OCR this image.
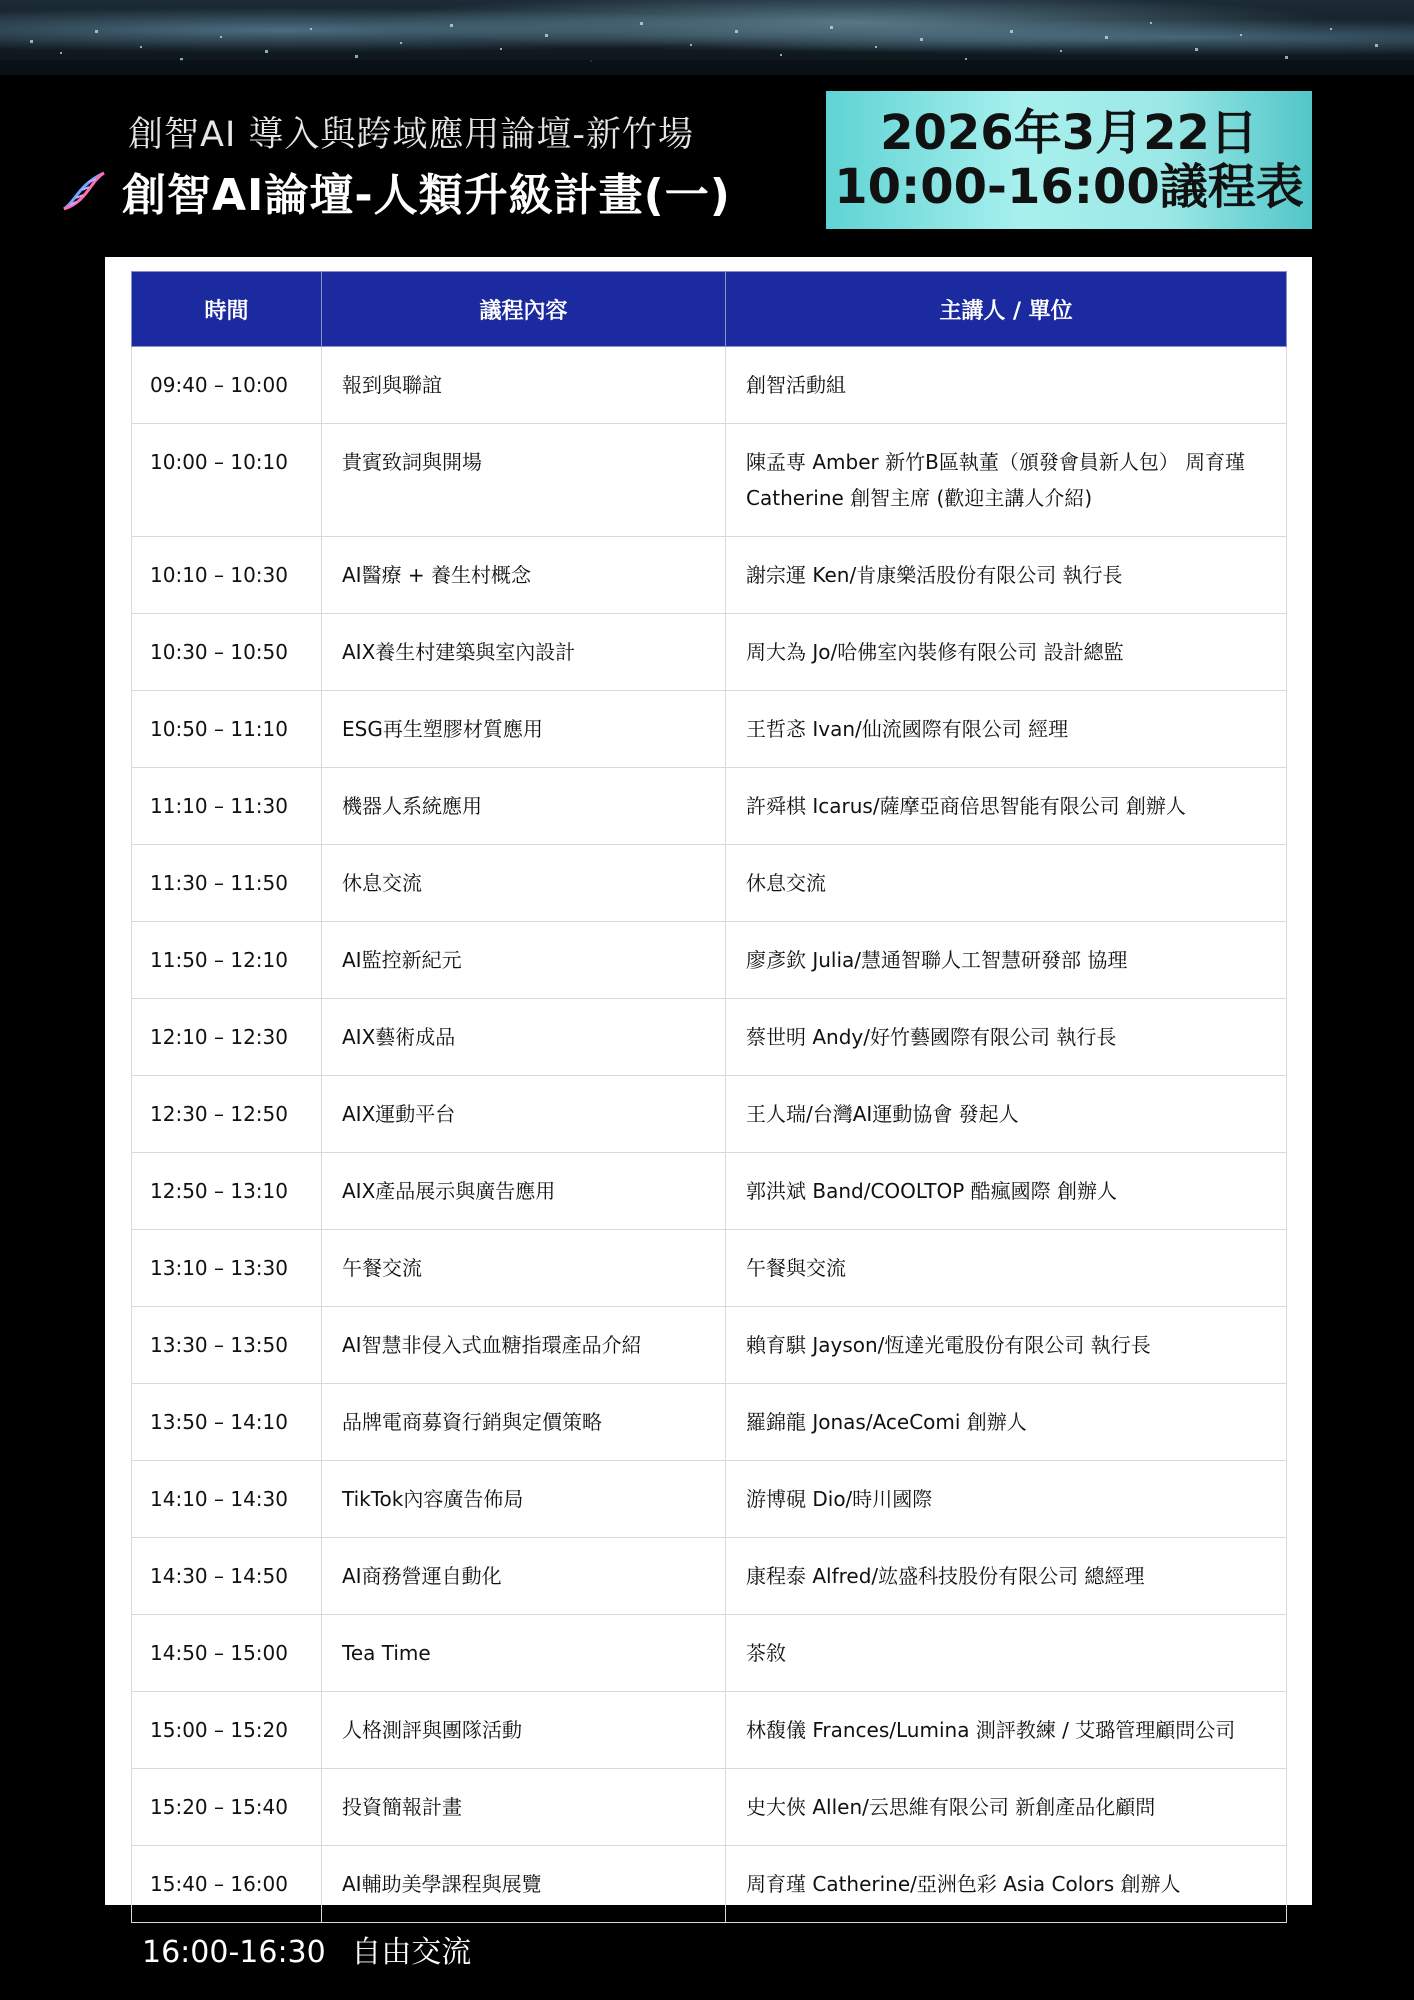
創智AI 導入與跨域應用論壇-新竹場
創智AI論壇-人類升級計畫(一)
2026年3月22日
10:00-16:00議程表
時間	議程內容	主講人 / 單位
09:40 – 10:00	報到與聯誼	創智活動組
10:00 – 10:10	貴賓致詞與開場	陳孟専 Amber 新竹B區執董（頒發會員新人包） 周育瑾 Catherine 創智主席 (歡迎主講人介紹)
10:10 – 10:30	AI醫療 + 養生村概念	謝宗運 Ken/肯康樂活股份有限公司 執行長
10:30 – 10:50	AIX養生村建築與室內設計	周大為 Jo/哈佛室內裝修有限公司 設計總監
10:50 – 11:10	ESG再生塑膠材質應用	王哲忞 Ivan/仙流國際有限公司 經理
11:10 – 11:30	機器人系統應用	許舜棋 Icarus/薩摩亞商倍思智能有限公司 創辦人
11:30 – 11:50	休息交流	休息交流
11:50 – 12:10	AI監控新紀元	廖彥欽 Julia/慧通智聯人工智慧研發部 協理
12:10 – 12:30	AIX藝術成品	蔡世明 Andy/好竹藝國際有限公司 執行長
12:30 – 12:50	AIX運動平台	王人瑞/台灣AI運動協會 發起人
12:50 – 13:10	AIX產品展示與廣告應用	郭洪斌 Band/COOLTOP 酷瘋國際 創辦人
13:10 – 13:30	午餐交流	午餐與交流
13:30 – 13:50	AI智慧非侵入式血糖指環產品介紹	賴育騏 Jayson/恆達光電股份有限公司 執行長
13:50 – 14:10	品牌電商募資行銷與定價策略	羅錦龍 Jonas/AceComi 創辦人
14:10 – 14:30	TikTok內容廣告佈局	游博硯 Dio/時川國際
14:30 – 14:50	AI商務營運自動化	康程泰 Alfred/竑盛科技股份有限公司 總經理
14:50 – 15:00	Tea Time	茶敘
15:00 – 15:20	人格測評與團隊活動	林馥儀 Frances/Lumina 測評教練 / 艾璐管理顧問公司
15:20 – 15:40	投資簡報計畫	史大俠 Allen/云思維有限公司 新創產品化顧問
15:40 – 16:00	AI輔助美學課程與展覽	周育瑾 Catherine/亞洲色彩 Asia Colors 創辦人
16:00-16:30 自由交流
